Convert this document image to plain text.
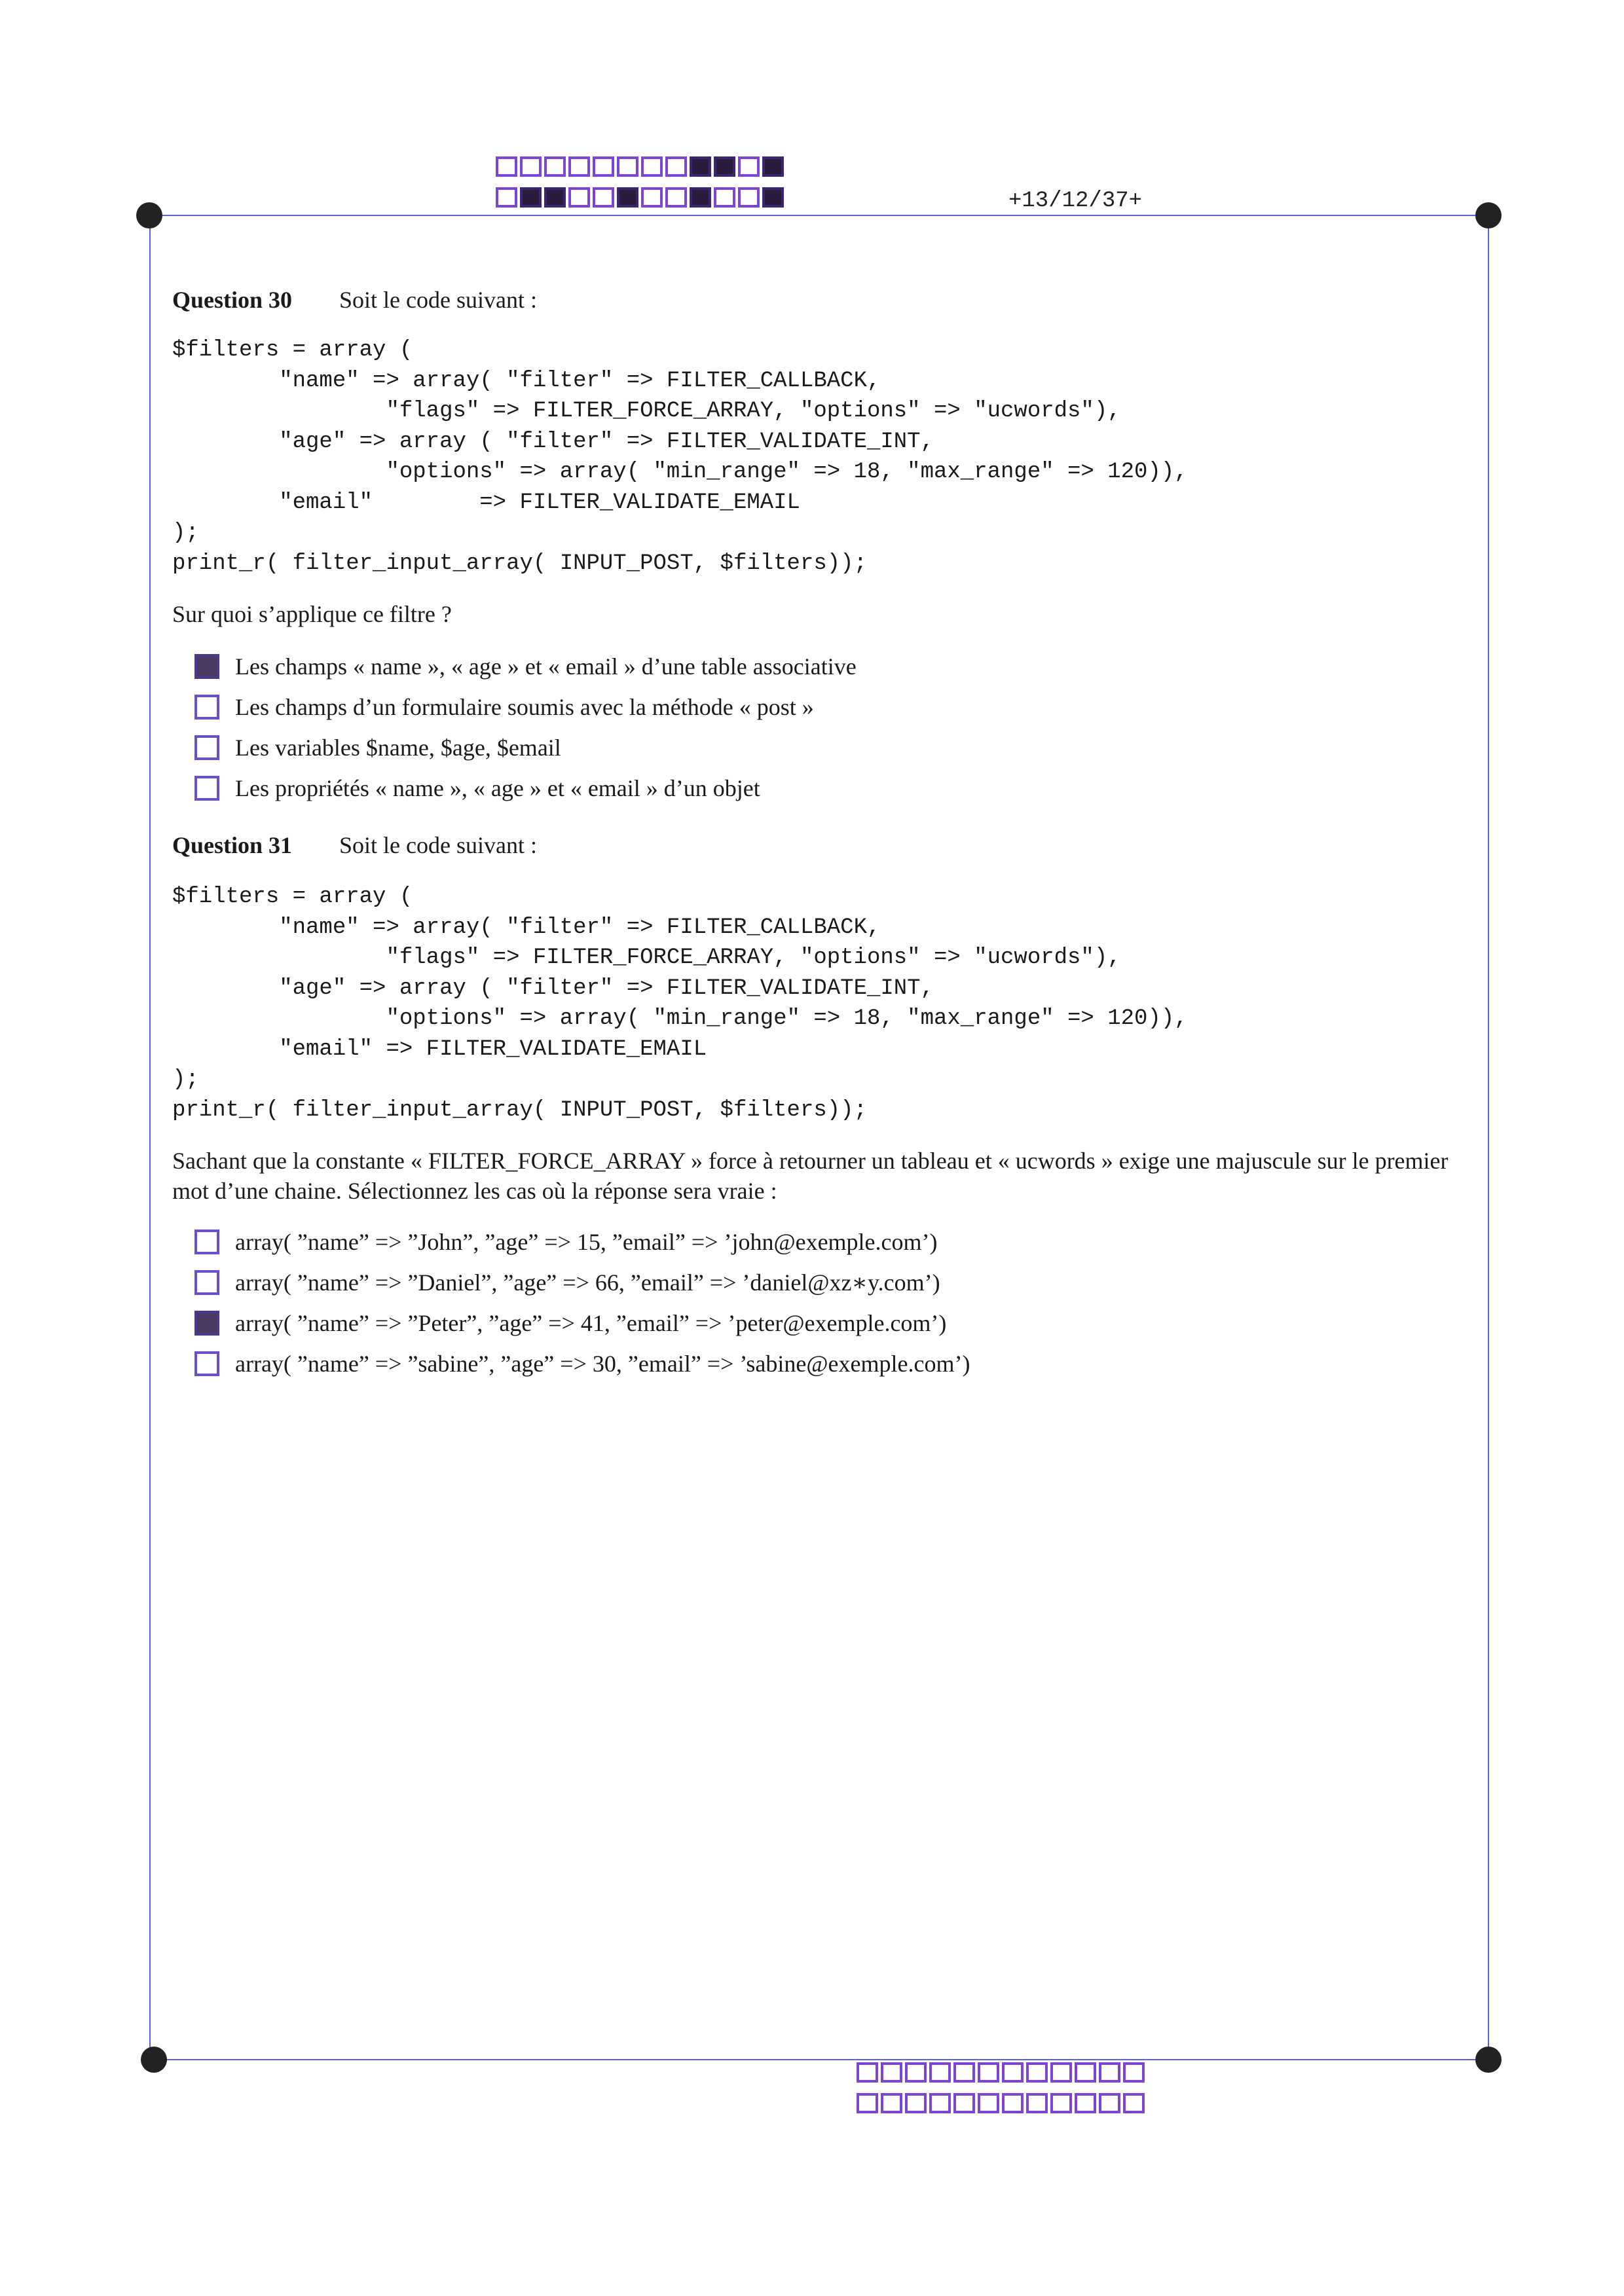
+13/12/37+
Question 30	Soit le code suivant :
$filters = array (
"name" => array( "filter" => FILTER_CALLBACK,
"flags" => FILTER_FORCE_ARRAY, "options" => "ucwords"),
"age" => array ( "filter" => FILTER_VALIDATE_INT,
"options" => array( "min_range" => 18, "max_range" => 120)),
"email"        => FILTER_VALIDATE_EMAIL
);
print_r( filter_input_array( INPUT_POST, $filters));
Sur quoi s’applique ce filtre ?
Les champs « name », « age » et « email » d’une table associative
Les champs d’un formulaire soumis avec la méthode « post »
Les variables $name, $age, $email
Les propriétés « name », « age » et « email » d’un objet
Question 31	Soit le code suivant :
$filters = array (
"name" => array( "filter" => FILTER_CALLBACK,
"flags" => FILTER_FORCE_ARRAY, "options" => "ucwords"),
"age" => array ( "filter" => FILTER_VALIDATE_INT,
"options" => array( "min_range" => 18, "max_range" => 120)),
"email" => FILTER_VALIDATE_EMAIL
);
print_r( filter_input_array( INPUT_POST, $filters));
Sachant que la constante « FILTER_FORCE_ARRAY » force à retourner un tableau et « ucwords » exige une majuscule sur le premier mot d’une chaine. Sélectionnez les cas où la réponse sera vraie :
array( ”name” => ”John”, ”age” => 15, ”email” => ’john@exemple.com’)
array( ”name” => ”Daniel”, ”age” => 66, ”email” => ’daniel@xz∗y.com’)
array( ”name” => ”Peter”, ”age” => 41, ”email” => ’peter@exemple.com’)
array( ”name” => ”sabine”, ”age” => 30, ”email” => ’sabine@exemple.com’)
